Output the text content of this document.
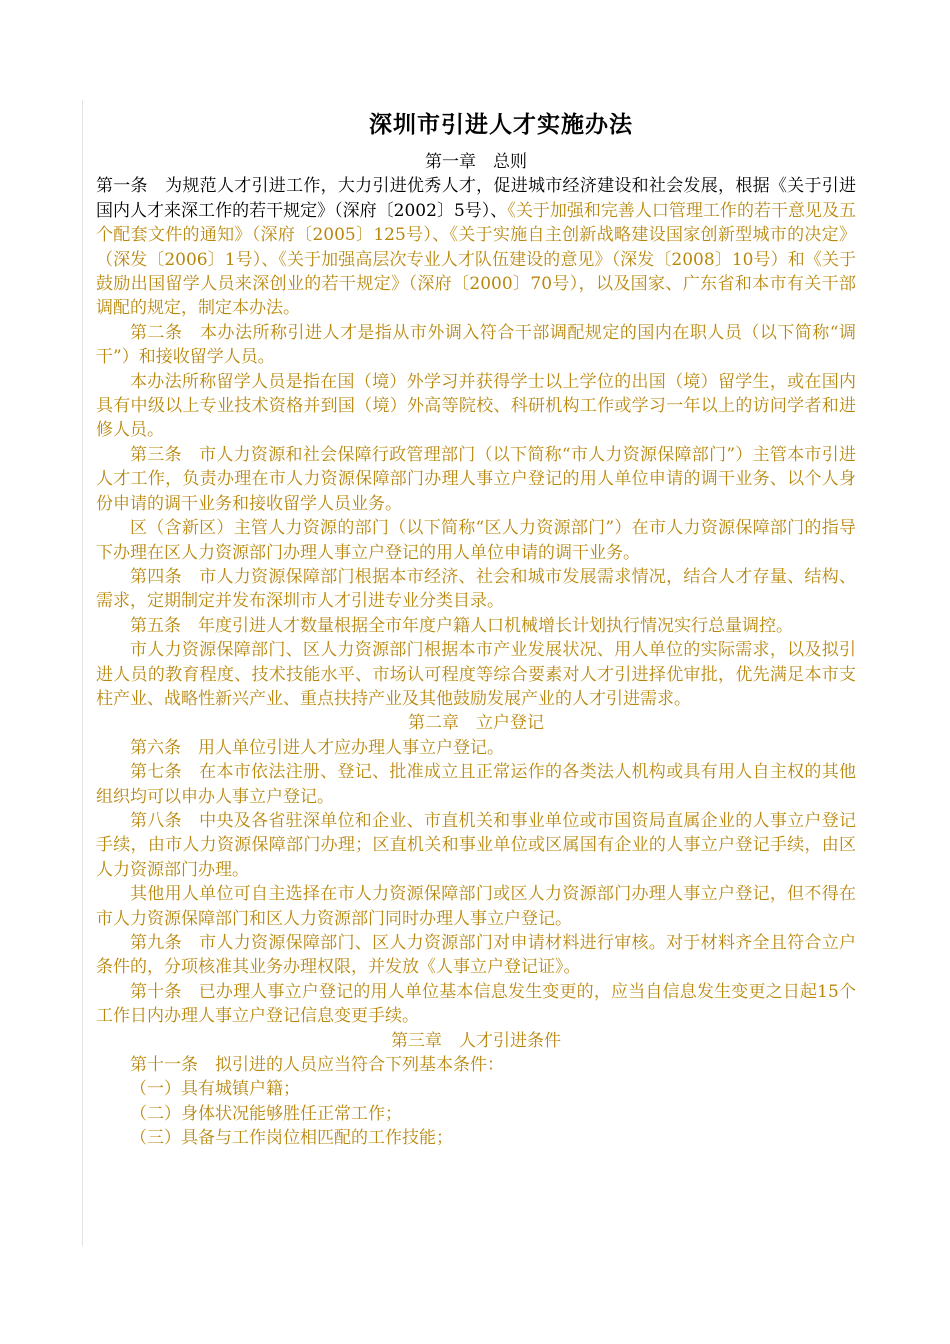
深圳市引进人才实施办法

第一章　总则

第一条　为规范人才引进工作，大力引进优秀人才，促进城市经济建设和社会发展，根据《关于引进国内人才来深工作的若干规定》（深府〔2002〕5号）、《关于加强和完善人口管理工作的若干意见及五个配套文件的通知》（深府〔2005〕125号）、《关于实施自主创新战略建设国家创新型城市的决定》（深发〔2006〕1号）、《关于加强高层次专业人才队伍建设的意见》（深发〔2008〕10号）和《关于鼓励出国留学人员来深创业的若干规定》（深府〔2000〕70号），以及国家、广东省和本市有关干部调配的规定，制定本办法。

第二条　本办法所称引进人才是指从市外调入符合干部调配规定的国内在职人员（以下简称“调干”）和接收留学人员。

本办法所称留学人员是指在国（境）外学习并获得学士以上学位的出国（境）留学生，或在国内具有中级以上专业技术资格并到国（境）外高等院校、科研机构工作或学习一年以上的访问学者和进修人员。

第三条　市人力资源和社会保障行政管理部门（以下简称“市人力资源保障部门”）主管本市引进人才工作，负责办理在市人力资源保障部门办理人事立户登记的用人单位申请的调干业务、以个人身份申请的调干业务和接收留学人员业务。

区（含新区）主管人力资源的部门（以下简称“区人力资源部门”）在市人力资源保障部门的指导下办理在区人力资源部门办理人事立户登记的用人单位申请的调干业务。

第四条　市人力资源保障部门根据本市经济、社会和城市发展需求情况，结合人才存量、结构、需求，定期制定并发布深圳市人才引进专业分类目录。

第五条　年度引进人才数量根据全市年度户籍人口机械增长计划执行情况实行总量调控。

市人力资源保障部门、区人力资源部门根据本市产业发展状况、用人单位的实际需求，以及拟引进人员的教育程度、技术技能水平、市场认可程度等综合要素对人才引进择优审批，优先满足本市支柱产业、战略性新兴产业、重点扶持产业及其他鼓励发展产业的人才引进需求。

第二章　立户登记

第六条　用人单位引进人才应办理人事立户登记。

第七条　在本市依法注册、登记、批准成立且正常运作的各类法人机构或具有用人自主权的其他组织均可以申办人事立户登记。

第八条　中央及各省驻深单位和企业、市直机关和事业单位或市国资局直属企业的人事立户登记手续，由市人力资源保障部门办理；区直机关和事业单位或区属国有企业的人事立户登记手续，由区人力资源部门办理。

其他用人单位可自主选择在市人力资源保障部门或区人力资源部门办理人事立户登记，但不得在市人力资源保障部门和区人力资源部门同时办理人事立户登记。

第九条　市人力资源保障部门、区人力资源部门对申请材料进行审核。对于材料齐全且符合立户条件的，分项核准其业务办理权限，并发放《人事立户登记证》。

第十条　已办理人事立户登记的用人单位基本信息发生变更的，应当自信息发生变更之日起15个工作日内办理人事立户登记信息变更手续。

第三章　人才引进条件

第十一条　拟引进的人员应当符合下列基本条件：

（一）具有城镇户籍；

（二）身体状况能够胜任正常工作；

（三）具备与工作岗位相匹配的工作技能；
